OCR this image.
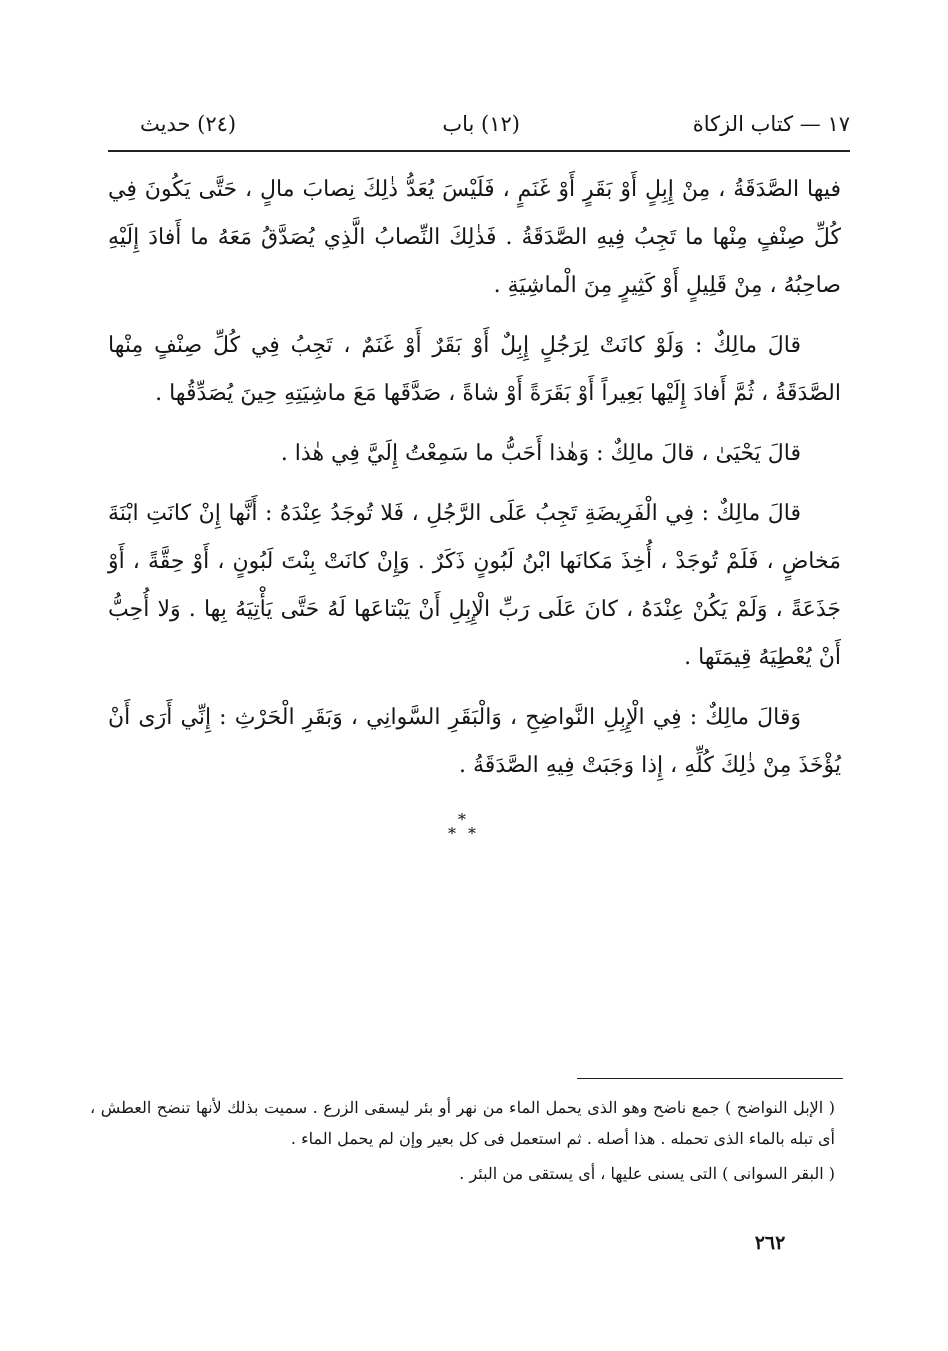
١٧ — كتاب الزكاة
(١٢) باب
(٢٤) حديث

فيها الصَّدَقَةُ ، مِنْ إِبِلٍ أَوْ بَقَرٍ أَوْ غَنَمٍ ، فَلَيْسَ يُعَدُّ ذٰلِكَ نِصابَ مالٍ ، حَتَّى يَكُونَ فِي كُلِّ صِنْفٍ مِنْها ما تَجِبُ فِيهِ الصَّدَقَةُ . فَذٰلِكَ النِّصابُ الَّذِي يُصَدَّقُ مَعَهُ ما أَفادَ إِلَيْهِ صاحِبُهُ ، مِنْ قَلِيلٍ أَوْ كَثِيرٍ مِنَ الْماشِيَةِ .

قالَ مالِكٌ : وَلَوْ كانَتْ لِرَجُلٍ إِبِلٌ أَوْ بَقَرٌ أَوْ غَنَمٌ ، تَجِبُ فِي كُلِّ صِنْفٍ مِنْها الصَّدَقَةُ ، ثُمَّ أَفادَ إِلَيْها بَعِيراً أَوْ بَقَرَةً أَوْ شاةً ، صَدَّقَها مَعَ ماشِيَتِهِ حِينَ يُصَدِّقُها .

قالَ يَحْيَىٰ ، قالَ مالِكٌ : وَهٰذا أَحَبُّ ما سَمِعْتُ إِلَيَّ فِي هٰذا .

قالَ مالِكٌ : فِي الْفَرِيضَةِ تَجِبُ عَلَى الرَّجُلِ ، فَلا تُوجَدُ عِنْدَهُ : أَنَّها إِنْ كانَتِ ابْنَةَ مَخاضٍ ، فَلَمْ تُوجَدْ ، أُخِذَ مَكانَها ابْنُ لَبُونٍ ذَكَرٌ . وَإِنْ كانَتْ بِنْتَ لَبُونٍ ، أَوْ حِقَّةً ، أَوْ جَذَعَةً ، وَلَمْ يَكُنْ عِنْدَهُ ، كانَ عَلَى رَبِّ الْإِبِلِ أَنْ يَبْتاعَها لَهُ حَتَّى يَأْتِيَهُ بِها . وَلا أُحِبُّ أَنْ يُعْطِيَهُ قِيمَتَها .

وَقالَ مالِكٌ : فِي الْإِبِلِ النَّواضِحِ ، وَالْبَقَرِ السَّوانِي ، وَبَقَرِ الْحَرْثِ : إِنِّي أَرَى أَنْ يُؤْخَذَ مِنْ ذٰلِكَ كُلِّهِ ، إِذا وَجَبَتْ فِيهِ الصَّدَقَةُ .

*
* *

( الإبل النواضح ) جمع ناضح وهو الذى يحمل الماء من نهر أو بئر ليسقى الزرع . سميت بذلك لأنها تنضح العطش ، أى تبله بالماء الذى تحمله . هذا أصله . ثم استعمل فى كل بعير وإن لم يحمل الماء .

( البقر السوانى ) التى يسنى عليها ، أى يستقى من البئر .

٢٦٢
